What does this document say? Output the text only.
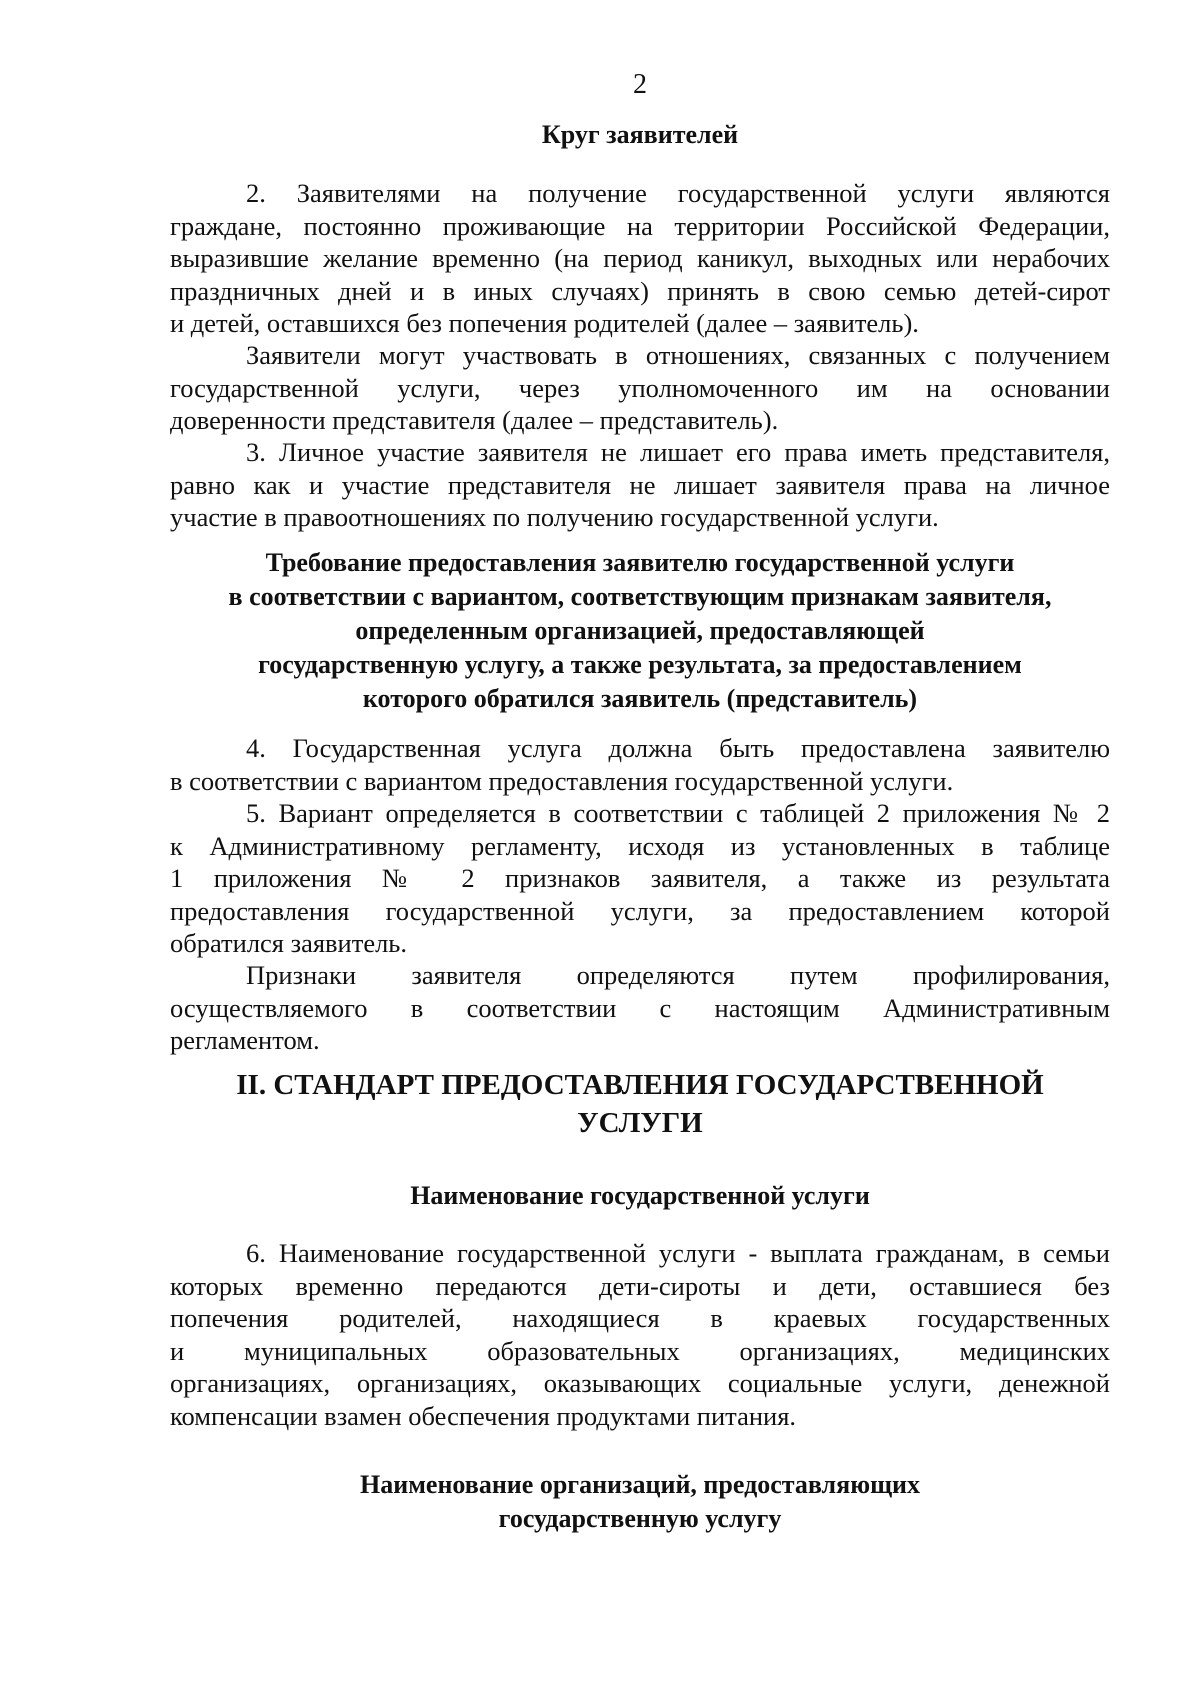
2
Круг заявителей
2. Заявителями на получение государственной услуги являются
граждане, постоянно проживающие на территории Российской Федерации,
выразившие желание временно (на период каникул, выходных или нерабочих
праздничных дней и в иных случаях) принять в свою семью детей-сирот
и детей, оставшихся без попечения родителей (далее – заявитель).
Заявители могут участвовать в отношениях, связанных с получением
государственной услуги, через уполномоченного им на основании
доверенности представителя (далее – представитель).
3. Личное участие заявителя не лишает его права иметь представителя,
равно как и участие представителя не лишает заявителя права на личное
участие в правоотношениях по получению государственной услуги.
Требование предоставления заявителю государственной услуги
в соответствии с вариантом, соответствующим признакам заявителя,
определенным организацией, предоставляющей
государственную услугу, а также результата, за предоставлением
которого обратился заявитель (представитель)
4. Государственная услуга должна быть предоставлена заявителю
в соответствии с вариантом предоставления государственной услуги.
5. Вариант определяется в соответствии с таблицей 2 приложения № 2
к Административному регламенту, исходя из установленных в таблице
1 приложения № 2 признаков заявителя, а также из результата
предоставления государственной услуги, за предоставлением которой
обратился заявитель.
Признаки заявителя определяются путем профилирования,
осуществляемого в соответствии с настоящим Административным
регламентом.
II. СТАНДАРТ ПРЕДОСТАВЛЕНИЯ ГОСУДАРСТВЕННОЙ
УСЛУГИ
Наименование государственной услуги
6. Наименование государственной услуги - выплата гражданам, в семьи
которых временно передаются дети-сироты и дети, оставшиеся без
попечения родителей, находящиеся в краевых государственных
и муниципальных образовательных организациях, медицинских
организациях, организациях, оказывающих социальные услуги, денежной
компенсации взамен обеспечения продуктами питания.
Наименование организаций, предоставляющих
государственную услугу
